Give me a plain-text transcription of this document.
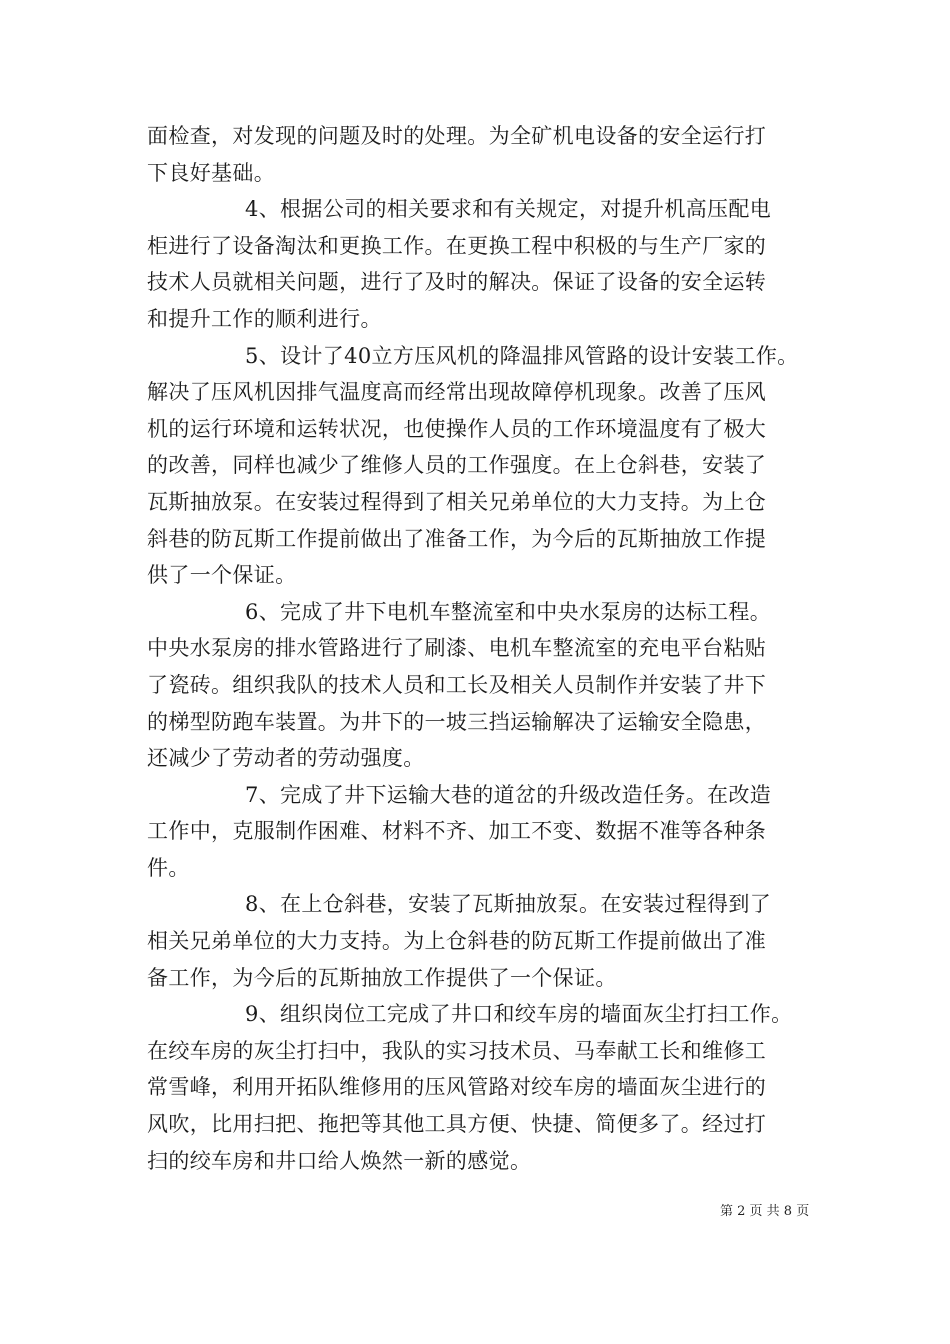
面检查，对发现的问题及时的处理。为全矿机电设备的安全运行打
下良好基础。
4、根据公司的相关要求和有关规定，对提升机高压配电
柜进行了设备淘汰和更换工作。在更换工程中积极的与生产厂家的
技术人员就相关问题，进行了及时的解决。保证了设备的安全运转
和提升工作的顺利进行。
5、设计了40立方压风机的降温排风管路的设计安装工作。
解决了压风机因排气温度高而经常出现故障停机现象。改善了压风
机的运行环境和运转状况，也使操作人员的工作环境温度有了极大
的改善，同样也减少了维修人员的工作强度。在上仓斜巷，安装了
瓦斯抽放泵。在安装过程得到了相关兄弟单位的大力支持。为上仓
斜巷的防瓦斯工作提前做出了准备工作，为今后的瓦斯抽放工作提
供了一个保证。
6、完成了井下电机车整流室和中央水泵房的达标工程。
中央水泵房的排水管路进行了刷漆、电机车整流室的充电平台粘贴
了瓷砖。组织我队的技术人员和工长及相关人员制作并安装了井下
的梯型防跑车装置。为井下的一坡三挡运输解决了运输安全隐患，
还减少了劳动者的劳动强度。
7、完成了井下运输大巷的道岔的升级改造任务。在改造
工作中，克服制作困难、材料不齐、加工不变、数据不准等各种条
件。
8、在上仓斜巷，安装了瓦斯抽放泵。在安装过程得到了
相关兄弟单位的大力支持。为上仓斜巷的防瓦斯工作提前做出了准
备工作，为今后的瓦斯抽放工作提供了一个保证。
9、组织岗位工完成了井口和绞车房的墙面灰尘打扫工作。
在绞车房的灰尘打扫中，我队的实习技术员、马奉献工长和维修工
常雪峰，利用开拓队维修用的压风管路对绞车房的墙面灰尘进行的
风吹，比用扫把、拖把等其他工具方便、快捷、简便多了。经过打
扫的绞车房和井口给人焕然一新的感觉。
第 2 页 共 8 页
